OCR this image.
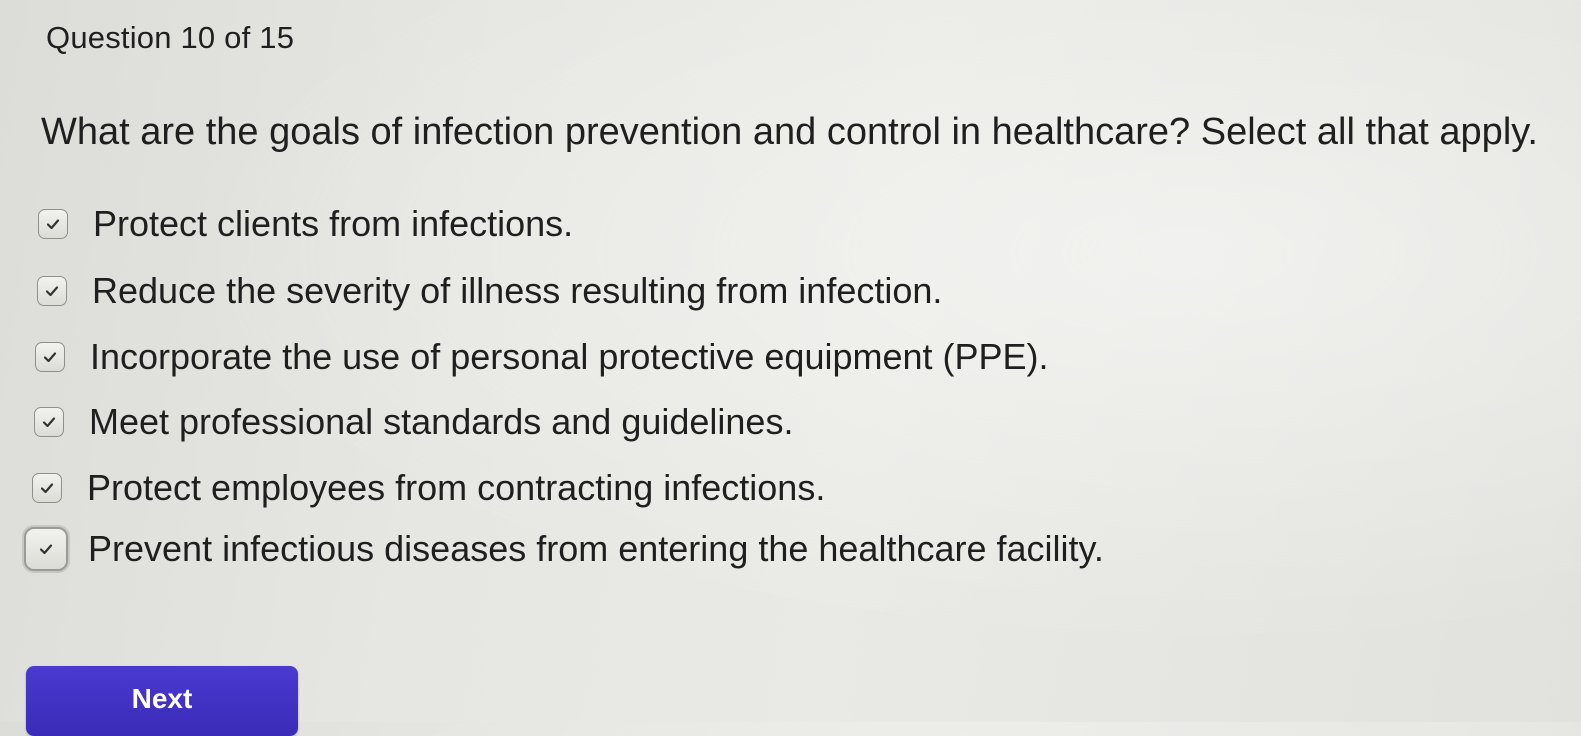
Question 10 of 15
What are the goals of infection prevention and control in healthcare? Select all that apply.
Protect clients from infections.
Reduce the severity of illness resulting from infection.
Incorporate the use of personal protective equipment (PPE).
Meet professional standards and guidelines.
Protect employees from contracting infections.
Prevent infectious diseases from entering the healthcare facility.
Next
